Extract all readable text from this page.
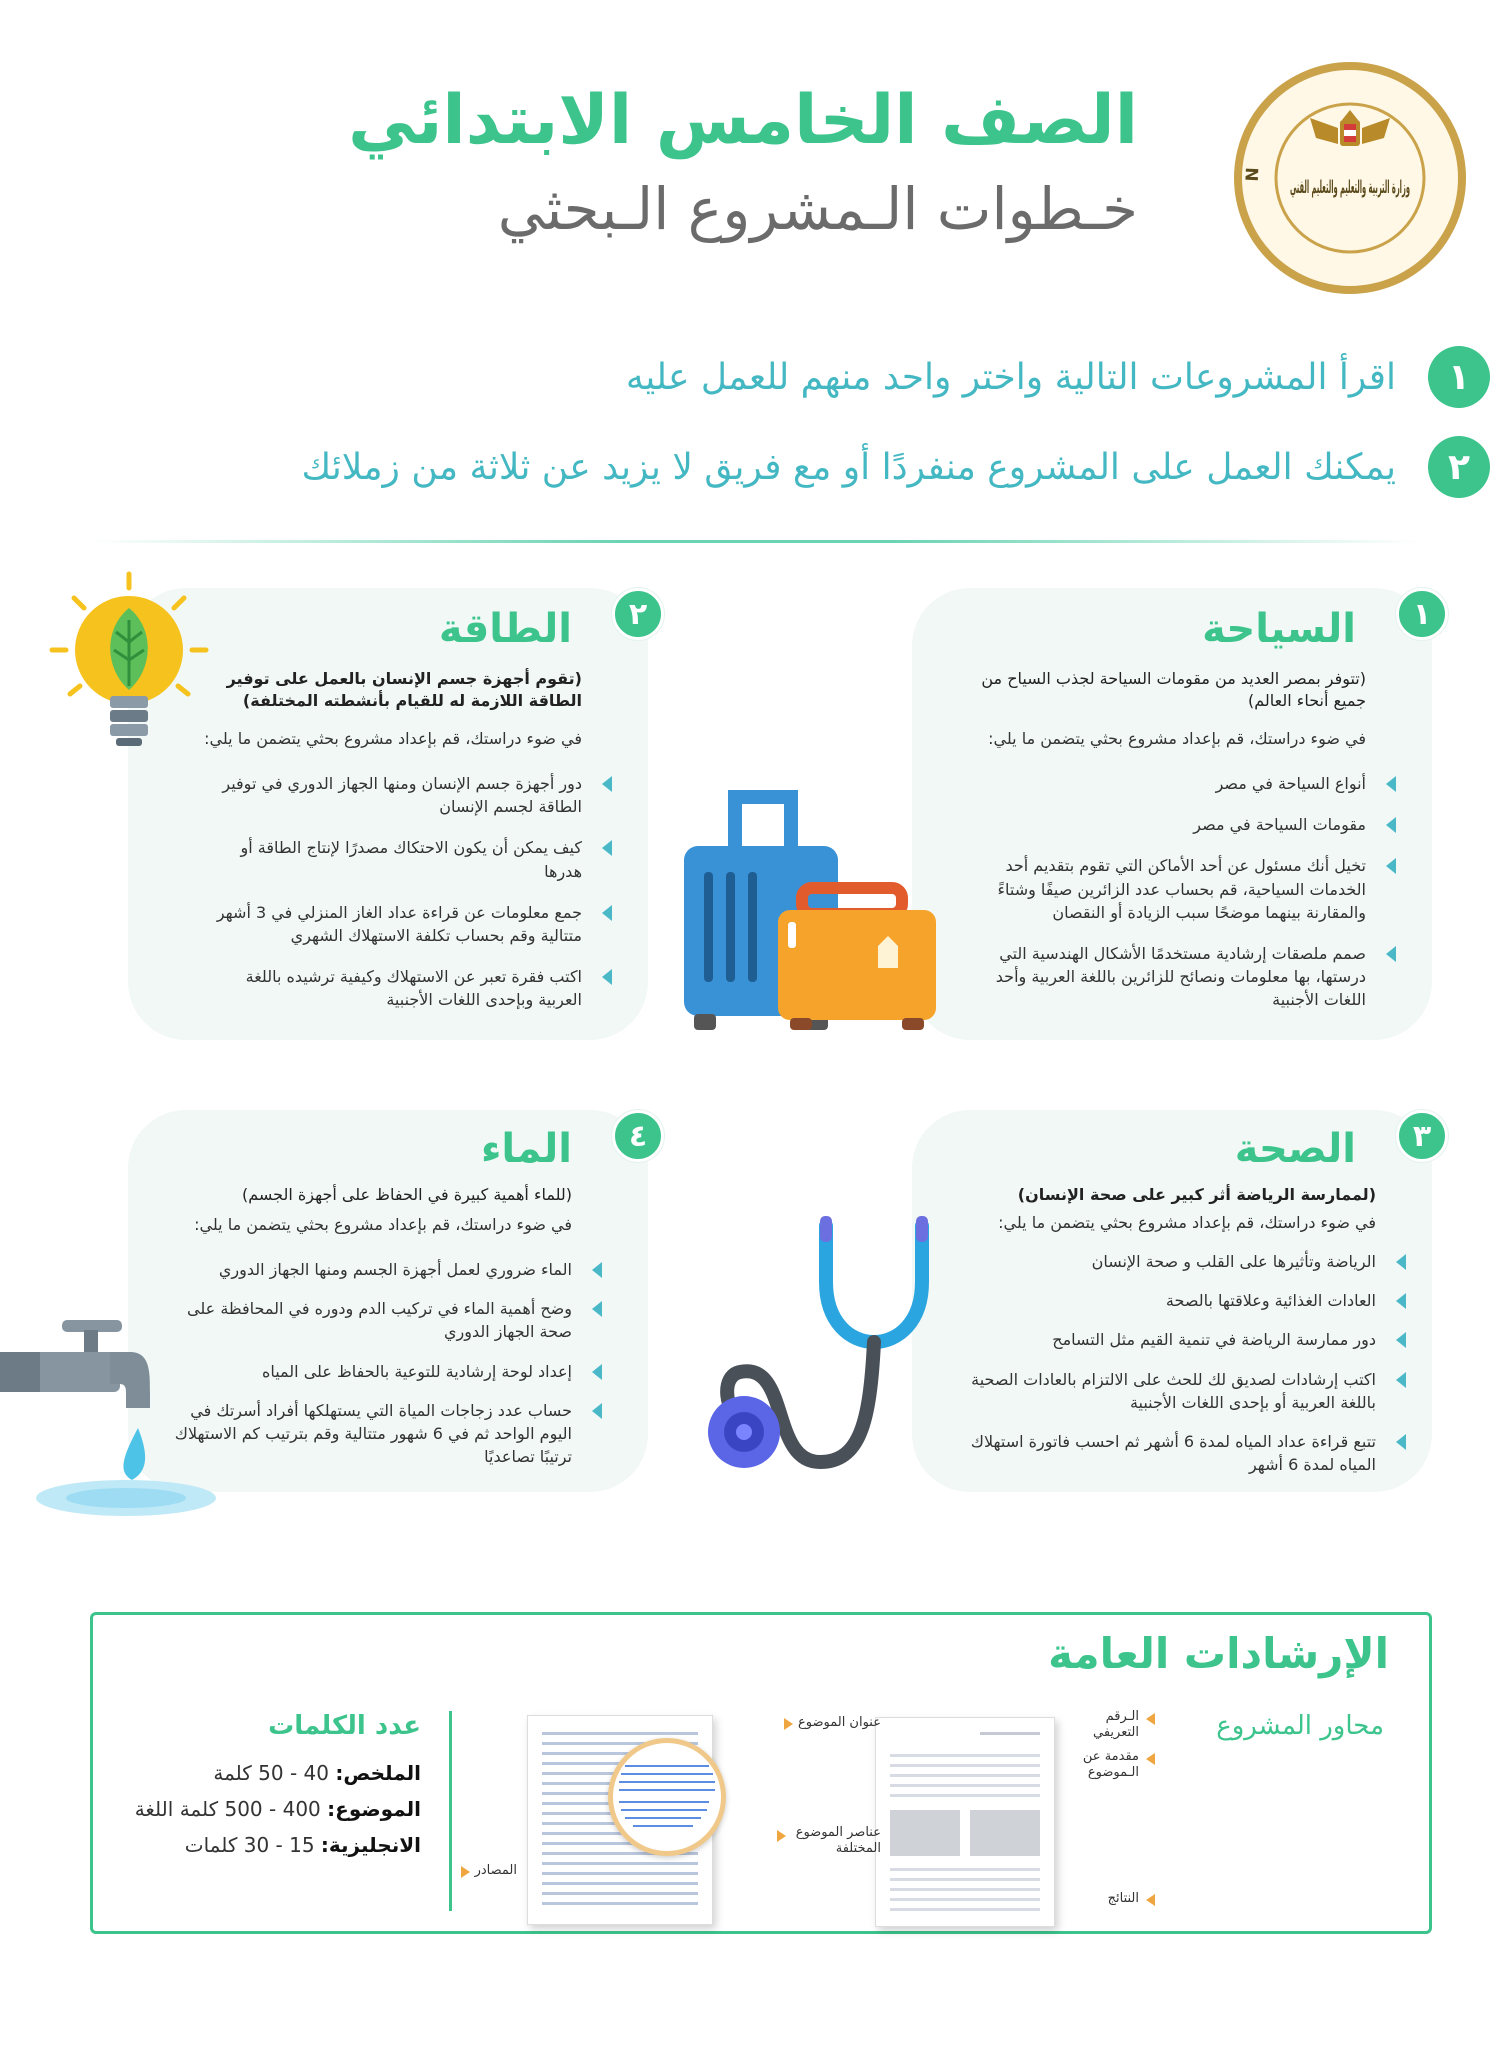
N
وزارة التربية والتعليم والتعليم الفني
الصف الخامس الابتدائي
خـطوات الـمشروع الـبحثي
١
اقرأ المشروعات التالية واختر واحد منهم للعمل عليه
٢
يمكنك العمل على المشروع منفردًا أو مع فريق لا يزيد عن ثلاثة من زملائك
١
السياحة
(تتوفر بمصر العديد من مقومات السياحة لجذب السياح من جميع أنحاء العالم)
في ضوء دراستك، قم بإعداد مشروع بحثي يتضمن ما يلي:
أنواع السياحة في مصر
مقومات السياحة في مصر
تخيل أنك مسئول عن أحد الأماكن التي تقوم بتقديم أحد الخدمات السياحية، قم بحساب عدد الزائرين صيفًا وشتاءً والمقارنة بينهما موضحًا سبب الزيادة أو النقصان
صمم ملصقات إرشادية مستخدمًا الأشكال الهندسية التي درستها، بها معلومات ونصائح للزائرين باللغة العربية وأحد اللغات الأجنبية
٢
الطاقة
(تقوم أجهزة جسم الإنسان بالعمل على توفير الطاقة اللازمة له للقيام بأنشطته المختلفة)
في ضوء دراستك، قم بإعداد مشروع بحثي يتضمن ما يلي:
دور أجهزة جسم الإنسان ومنها الجهاز الدوري في توفير الطاقة لجسم الإنسان
كيف يمكن أن يكون الاحتكاك مصدرًا لإنتاج الطاقة أو هدرها
جمع معلومات عن قراءة عداد الغاز المنزلي في 3 أشهر متتالية وقم بحساب تكلفة الاستهلاك الشهري
اكتب فقرة تعبر عن الاستهلاك وكيفية ترشيده باللغة العربية وبإحدى اللغات الأجنبية
٣
الصحة
(لممارسة الرياضة أثر كبير على صحة الإنسان)
في ضوء دراستك، قم بإعداد مشروع بحثي يتضمن ما يلي:
الرياضة وتأثيرها على القلب و صحة الإنسان
العادات الغذائية وعلاقتها بالصحة
دور ممارسة الرياضة في تنمية القيم مثل التسامح
اكتب إرشادات لصديق لك للحث على الالتزام بالعادات الصحية باللغة العربية أو بإحدى اللغات الأجنبية
تتبع قراءة عداد المياه لمدة 6 أشهر ثم احسب فاتورة استهلاك المياه لمدة 6 أشهر
٤
الماء
(للماء أهمية كبيرة في الحفاظ على أجهزة الجسم)
في ضوء دراستك، قم بإعداد مشروع بحثي يتضمن ما يلي:
الماء ضروري لعمل أجهزة الجسم ومنها الجهاز الدوري
وضح أهمية الماء في تركيب الدم ودوره في المحافظة على صحة الجهاز الدوري
إعداد لوحة إرشادية للتوعية بالحفاظ على المياه
حساب عدد زجاجات المياة التي يستهلكها أفراد أسرتك في اليوم الواحد ثم في 6 شهور متتالية وقم بترتيب كم الاستهلاك ترتيبًا تصاعديًا
الإرشادات العامة
محاور المشروع
الـرقم التعريفي
مقدمة عن الـموضوع
عنوان الموضوع
عناصر الموضوع المختلفة
النتائج
المصادر
عدد الكلمات
الملخص: 40 - 50 كلمة
الموضوع: 400 - 500 كلمة اللغة
الانجليزية: 15 - 30 كلمات
